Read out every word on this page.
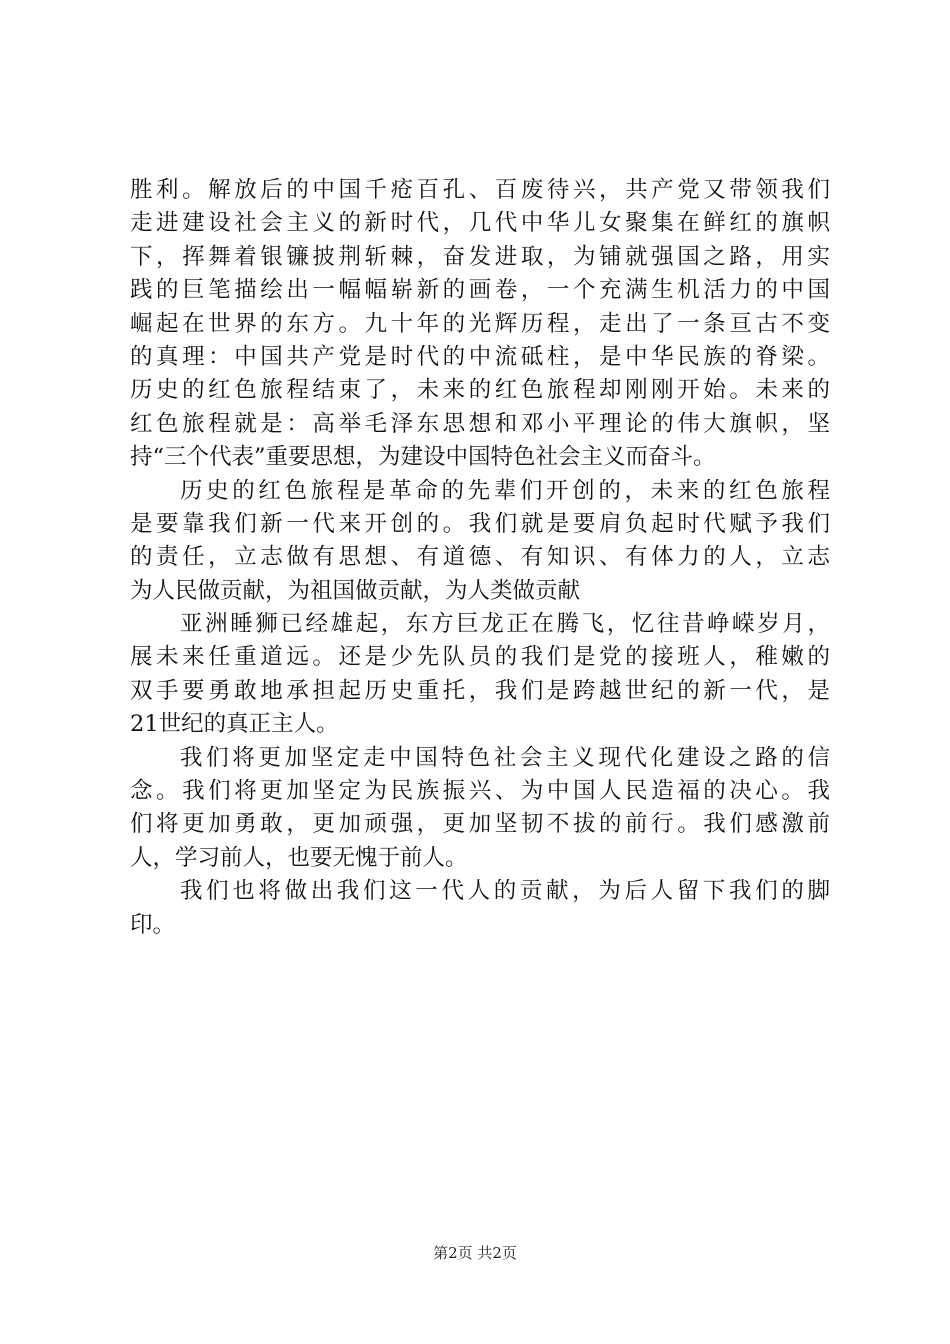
胜利。解放后的中国千疮百孔、百废待兴，共产党又带领我们
走进建设社会主义的新时代，几代中华儿女聚集在鲜红的旗帜
下，挥舞着银镰披荆斩棘，奋发进取，为铺就强国之路，用实
践的巨笔描绘出一幅幅崭新的画卷，一个充满生机活力的中国
崛起在世界的东方。九十年的光辉历程，走出了一条亘古不变
的真理：中国共产党是时代的中流砥柱，是中华民族的脊梁。
历史的红色旅程结束了，未来的红色旅程却刚刚开始。未来的
红色旅程就是：高举毛泽东思想和邓小平理论的伟大旗帜，坚
持“三个代表”重要思想，为建设中国特色社会主义而奋斗。
历史的红色旅程是革命的先辈们开创的，未来的红色旅程
是要靠我们新一代来开创的。我们就是要肩负起时代赋予我们
的责任，立志做有思想、有道德、有知识、有体力的人，立志
为人民做贡献，为祖国做贡献，为人类做贡献
亚洲睡狮已经雄起，东方巨龙正在腾飞，忆往昔峥嵘岁月，
展未来任重道远。还是少先队员的我们是党的接班人，稚嫩的
双手要勇敢地承担起历史重托，我们是跨越世纪的新一代，是
21世纪的真正主人。
我们将更加坚定走中国特色社会主义现代化建设之路的信
念。我们将更加坚定为民族振兴、为中国人民造福的决心。我
们将更加勇敢，更加顽强，更加坚韧不拔的前行。我们感激前
人，学习前人，也要无愧于前人。
我们也将做出我们这一代人的贡献，为后人留下我们的脚
印。
第2页 共2页
